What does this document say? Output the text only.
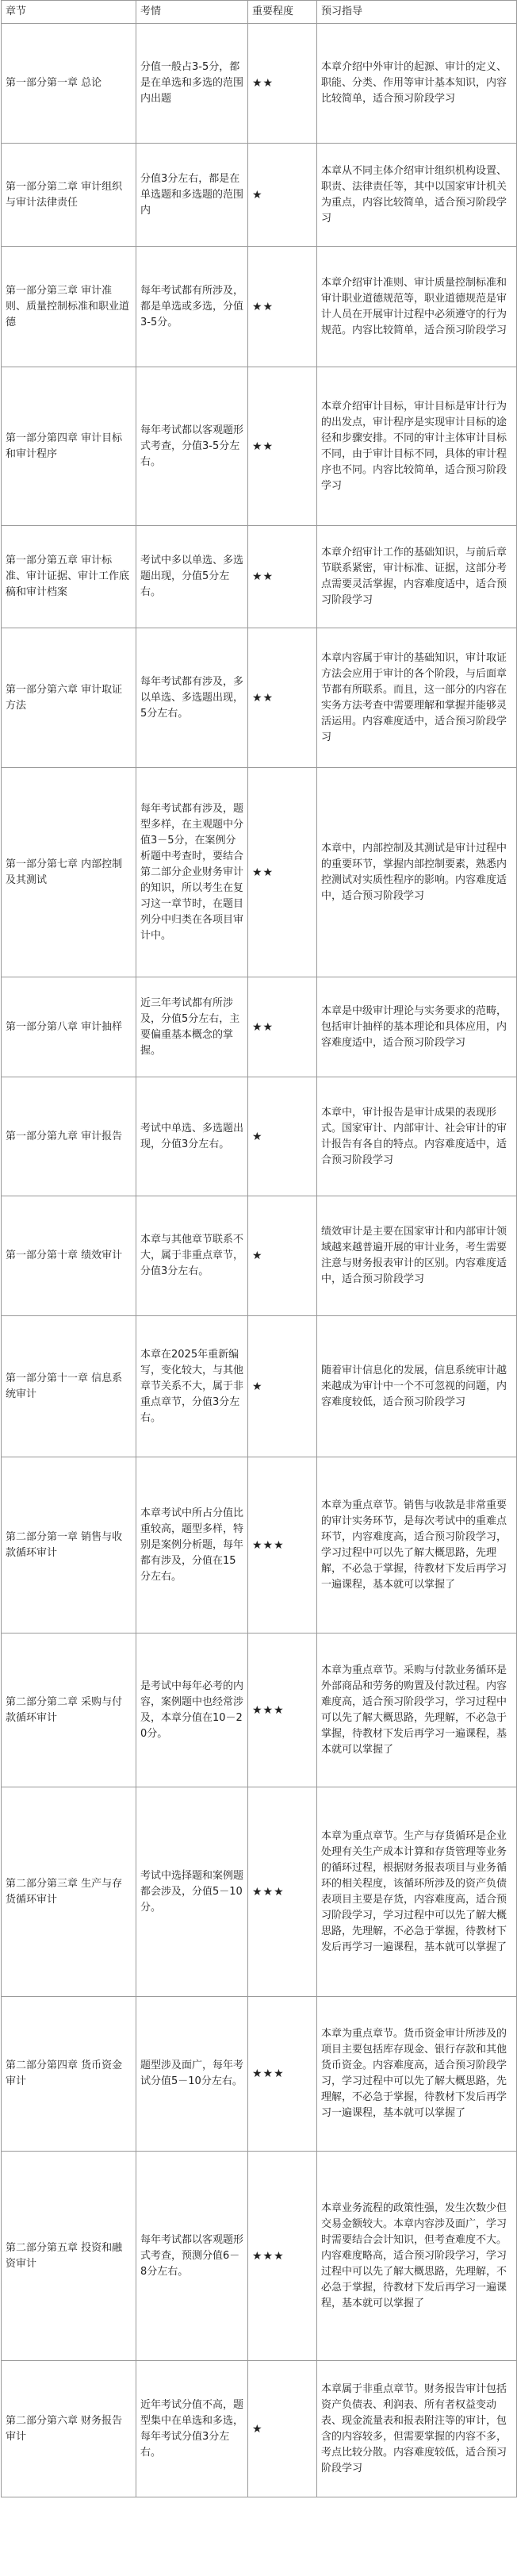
章节	考情	重要程度	预习指导
第一部分第一章 总论	分值一般占3-5分，都是在单选和多选的范围内出题	★★	本章介绍中外审计的起源、审计的定义、职能、分类、作用等审计基本知识，内容比较简单，适合预习阶段学习
第一部分第二章 审计组织与审计法律责任	分值3分左右，都是在单选题和多选题的范围内	★	本章从不同主体介绍审计组织机构设置、职责、法律责任等，其中以国家审计机关为重点，内容比较简单，适合预习阶段学习
第一部分第三章 审计准则、质量控制标准和职业道德	每年考试都有所涉及，都是单选或多选，分值3-5分。	★★	本章介绍审计准则、审计质量控制标准和审计职业道德规范等，职业道德规范是审计人员在开展审计过程中必须遵守的行为规范。内容比较简单，适合预习阶段学习
第一部分第四章 审计目标和审计程序	每年考试都以客观题形式考查，分值3-5分左右。	★★	本章介绍审计目标，审计目标是审计行为的出发点，审计程序是实现审计目标的途径和步骤安排。不同的审计主体审计目标不同，由于审计目标不同，具体的审计程序也不同。内容比较简单，适合预习阶段学习
第一部分第五章 审计标准、审计证据、审计工作底稿和审计档案	考试中多以单选、多选题出现，分值5分左右。	★★	本章介绍审计工作的基础知识，与前后章节联系紧密，审计标准、证据，这部分考点需要灵活掌握，内容难度适中，适合预习阶段学习
第一部分第六章 审计取证方法	每年考试都有涉及，多以单选、多选题出现，5分左右。	★★	本章内容属于审计的基础知识，审计取证方法会应用于审计的各个阶段，与后面章节都有所联系。而且，这一部分的内容在实务方法考查中需要理解和掌握并能够灵活运用。内容难度适中，适合预习阶段学习
第一部分第七章 内部控制及其测试	每年考试都有涉及，题型多样，在主观题中分值3－5分，在案例分析题中考查时，要结合第二部分企业财务审计的知识，所以考生在复习这一章节时，在题目列分中归类在各项目审计中。	★★	本章中，内部控制及其测试是审计过程中的重要环节，掌握内部控制要素，熟悉内控测试对实质性程序的影响。内容难度适中，适合预习阶段学习
第一部分第八章 审计抽样	近三年考试都有所涉及，分值5分左右，主要偏重基本概念的掌握。	★★	本章是中级审计理论与实务要求的范畴，包括审计抽样的基本理论和具体应用，内容难度适中，适合预习阶段学习
第一部分第九章 审计报告	考试中单选、多选题出现，分值3分左右。	★	本章中，审计报告是审计成果的表现形式。国家审计、内部审计、社会审计的审计报告有各自的特点。内容难度适中，适合预习阶段学习
第一部分第十章 绩效审计	本章与其他章节联系不大，属于非重点章节，分值3分左右。	★	绩效审计是主要在国家审计和内部审计领域越来越普遍开展的审计业务，考生需要注意与财务报表审计的区别。内容难度适中，适合预习阶段学习
第一部分第十一章 信息系统审计	本章在2025年重新编写，变化较大，与其他章节关系不大，属于非重点章节，分值3分左右。	★	随着审计信息化的发展，信息系统审计越来越成为审计中一个不可忽视的问题，内容难度较低，适合预习阶段学习
第二部分第一章 销售与收款循环审计	本章考试中所占分值比重较高，题型多样，特别是案例分析题，每年都有涉及，分值在15分左右。	★★★	本章为重点章节。销售与收款是非常重要的审计实务环节，是每次考试中的重难点环节，内容难度高，适合预习阶段学习，学习过程中可以先了解大概思路，先理解，不必急于掌握，待教材下发后再学习一遍课程，基本就可以掌握了
第二部分第二章 采购与付款循环审计	是考试中每年必考的内容，案例题中也经常涉及，本章分值在10－20分。	★★★	本章为重点章节。采购与付款业务循环是外部商品和劳务的购置及付款过程。内容难度高，适合预习阶段学习，学习过程中可以先了解大概思路，先理解，不必急于掌握，待教材下发后再学习一遍课程，基本就可以掌握了
第二部分第三章 生产与存货循环审计	考试中选择题和案例题都会涉及，分值5－10分。	★★★	本章为重点章节。生产与存货循环是企业处理有关生产成本计算和存货管理等业务的循环过程，根据财务报表项目与业务循环的相关程度，该循环所涉及的资产负债表项目主要是存货，内容难度高，适合预习阶段学习，学习过程中可以先了解大概思路，先理解，不必急于掌握，待教材下发后再学习一遍课程，基本就可以掌握了
第二部分第四章 货币资金审计	题型涉及面广，每年考试分值5－10分左右。	★★★	本章为重点章节。货币资金审计所涉及的项目主要包括库存现金、银行存款和其他货币资金。内容难度高，适合预习阶段学习，学习过程中可以先了解大概思路，先理解，不必急于掌握，待教材下发后再学习一遍课程，基本就可以掌握了
第二部分第五章 投资和融资审计	每年考试都以客观题形式考查，预测分值6－8分左右。	★★★	本章业务流程的政策性强，发生次数少但交易金额较大。本章内容涉及面广，学习时需要结合会计知识，但考查难度不大。内容难度略高，适合预习阶段学习，学习过程中可以先了解大概思路，先理解，不必急于掌握，待教材下发后再学习一遍课程，基本就可以掌握了
第二部分第六章 财务报告审计	近年考试分值不高，题型集中在单选和多选，每年考试分值3分左右。	★	本章属于非重点章节。财务报告审计包括资产负债表、利润表、所有者权益变动表、现金流量表和报表附注等的审计，包含的内容较多，但需要掌握的内容不多，考点比较分散。内容难度较低，适合预习阶段学习
